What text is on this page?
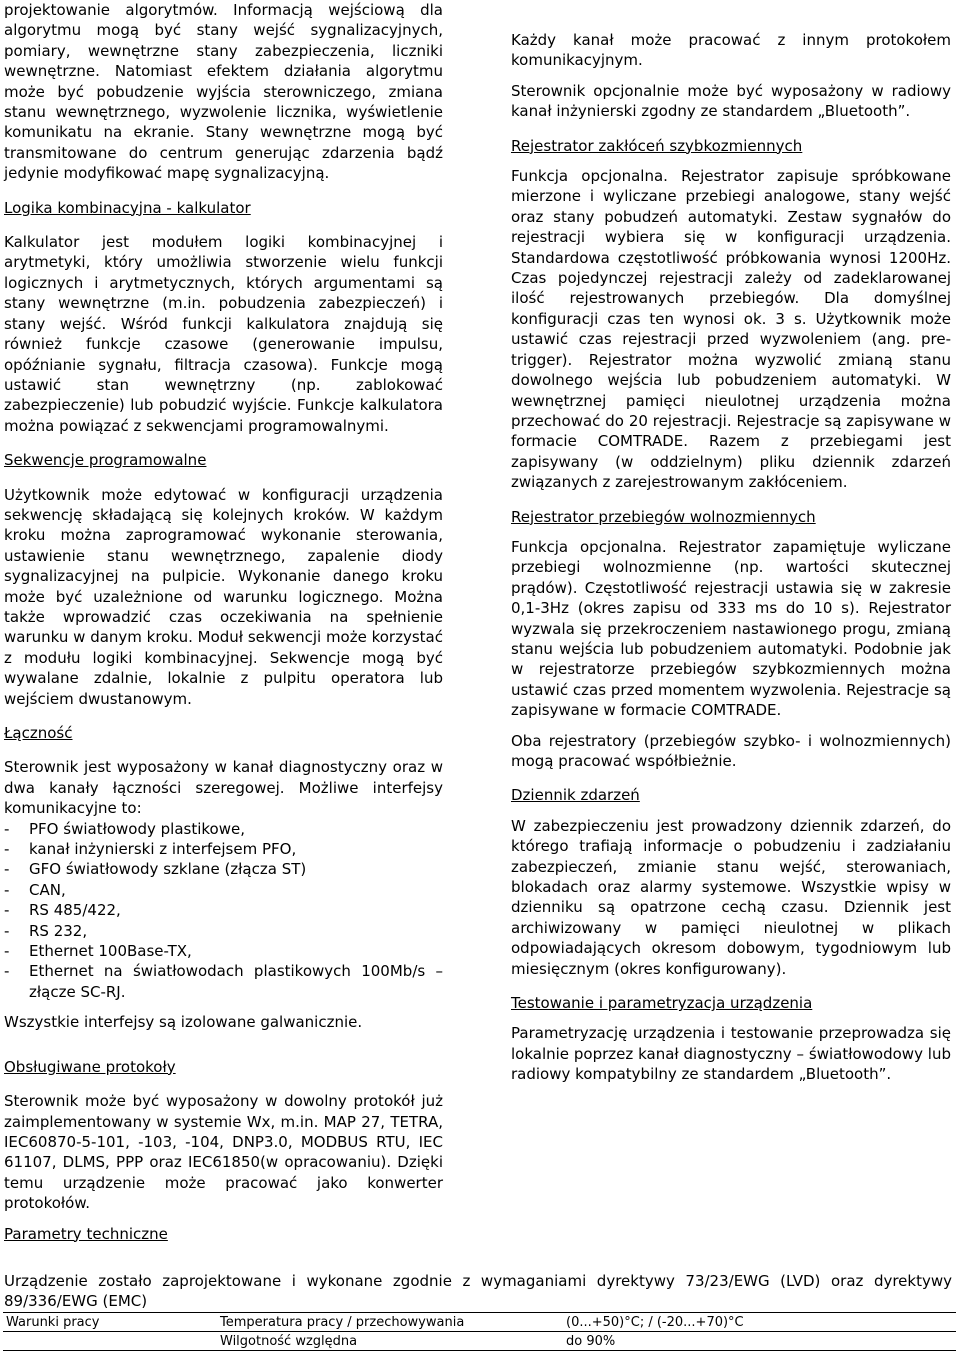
projektowanie algorytmów. Informacją wejściową dla algorytmu mogą być stany wejść sygnalizacyjnych, pomiary, wewnętrzne stany zabezpieczenia, liczniki wewnętrzne. Natomiast efektem działania algorytmu może być pobudzenie wyjścia sterowniczego, zmiana stanu wewnętrznego, wyzwolenie licznika, wyświetlenie komunikatu na ekranie. Stany wewnętrzne mogą być transmitowane do centrum generując zdarzenia bądź jedynie modyfikować mapę sygnalizacyjną.

Logika kombinacyjna - kalkulator

Kalkulator jest modułem logiki kombinacyjnej i arytmetyki, który umożliwia stworzenie wielu funkcji logicznych i arytmetycznych, których argumentami są stany wewnętrzne (m.in. pobudzenia zabezpieczeń) i stany wejść. Wśród funkcji kalkulatora znajdują się również funkcje czasowe (generowanie impulsu, opóźnianie sygnału, filtracja czasowa). Funkcje mogą ustawić stan wewnętrzny (np. zablokować zabezpieczenie) lub pobudzić wyjście. Funkcje kalkulatora można powiązać z sekwencjami programowalnymi.

Sekwencje programowalne

Użytkownik może edytować w konfiguracji urządzenia sekwencję składającą się kolejnych kroków. W każdym kroku można zaprogramować wykonanie sterowania, ustawienie stanu wewnętrznego, zapalenie diody sygnalizacyjnej na pulpicie. Wykonanie danego kroku może być uzależnione od warunku logicznego. Można także wprowadzić czas oczekiwania na spełnienie warunku w danym kroku. Moduł sekwencji może korzystać z modułu logiki kombinacyjnej. Sekwencje mogą być wywalane zdalnie, lokalnie z pulpitu operatora lub wejściem dwustanowym.

Łączność

Sterownik jest wyposażony w kanał diagnostyczny oraz w dwa kanały łączności szeregowej. Możliwe interfejsy komunikacyjne to:

- PFO światłowody plastikowe,
- kanał inżynierski z interfejsem PFO,
- GFO światłowody szklane (złącza ST)
- CAN,
- RS 485/422,
- RS 232,
- Ethernet 100Base-TX,
- Ethernet na światłowodach plastikowych 100Mb/s – złącze SC-RJ.

Wszystkie interfejsy są izolowane galwanicznie.

Obsługiwane protokoły

Sterownik może być wyposażony w dowolny protokół już zaimplementowany w systemie Wx, m.in. MAP 27, TETRA, IEC60870-5-101, -103, -104, DNP3.0, MODBUS RTU, IEC 61107, DLMS, PPP oraz IEC61850(w opracowaniu). Dzięki temu urządzenie może pracować jako konwerter protokołów.

Parametry techniczne

Każdy kanał może pracować z innym protokołem komunikacyjnym.

Sterownik opcjonalnie może być wyposażony w radiowy kanał inżynierski zgodny ze standardem „Bluetooth”.

Rejestrator zakłóceń szybkozmiennych

Funkcja opcjonalna. Rejestrator zapisuje spróbkowane mierzone i wyliczane przebiegi analogowe, stany wejść oraz stany pobudzeń automatyki. Zestaw sygnałów do rejestracji wybiera się w konfiguracji urządzenia. Standardowa częstotliwość próbkowania wynosi 1200Hz. Czas pojedynczej rejestracji zależy od zadeklarowanej ilość rejestrowanych przebiegów. Dla domyślnej konfiguracji czas ten wynosi ok. 3 s. Użytkownik może ustawić czas rejestracji przed wyzwoleniem (ang. pre-trigger). Rejestrator można wyzwolić zmianą stanu dowolnego wejścia lub pobudzeniem automatyki. W wewnętrznej pamięci nieulotnej urządzenia można przechować do 20 rejestracji. Rejestracje są zapisywane w formacie COMTRADE. Razem z przebiegami jest zapisywany (w oddzielnym) pliku dziennik zdarzeń związanych z zarejestrowanym zakłóceniem.

Rejestrator przebiegów wolnozmiennych

Funkcja opcjonalna. Rejestrator zapamiętuje wyliczane przebiegi wolnozmienne (np. wartości skutecznej prądów). Częstotliwość rejestracji ustawia się w zakresie 0,1-3Hz (okres zapisu od 333 ms do 10 s). Rejestrator wyzwala się przekroczeniem nastawionego progu, zmianą stanu wejścia lub pobudzeniem automatyki. Podobnie jak w rejestratorze przebiegów szybkozmiennych można ustawić czas przed momentem wyzwolenia. Rejestracje są zapisywane w formacie COMTRADE.

Oba rejestratory (przebiegów szybko- i wolnozmiennych) mogą pracować współbieżnie.

Dziennik zdarzeń

W zabezpieczeniu jest prowadzony dziennik zdarzeń, do którego trafiają informacje o pobudzeniu i zadziałaniu zabezpieczeń, zmianie stanu wejść, sterowaniach, blokadach oraz alarmy systemowe. Wszystkie wpisy w dzienniku są opatrzone cechą czasu. Dziennik jest archiwizowany w pamięci nieulotnej w plikach odpowiadających okresom dobowym, tygodniowym lub miesięcznym (okres konfigurowany).

Testowanie i parametryzacja urządzenia

Parametryzację urządzenia i testowanie przeprowadza się lokalnie poprzez kanał diagnostyczny – światłowodowy lub radiowy kompatybilny ze standardem „Bluetooth”.

Urządzenie zostało zaprojektowane i wykonane zgodnie z wymaganiami dyrektywy 73/23/EWG (LVD) oraz dyrektywy 89/336/EWG (EMC)

Warunki pracy	Temperatura pracy / przechowywania	(0...+50)°C; / (-20...+70)°C
	Wilgotność względna	do 90%
